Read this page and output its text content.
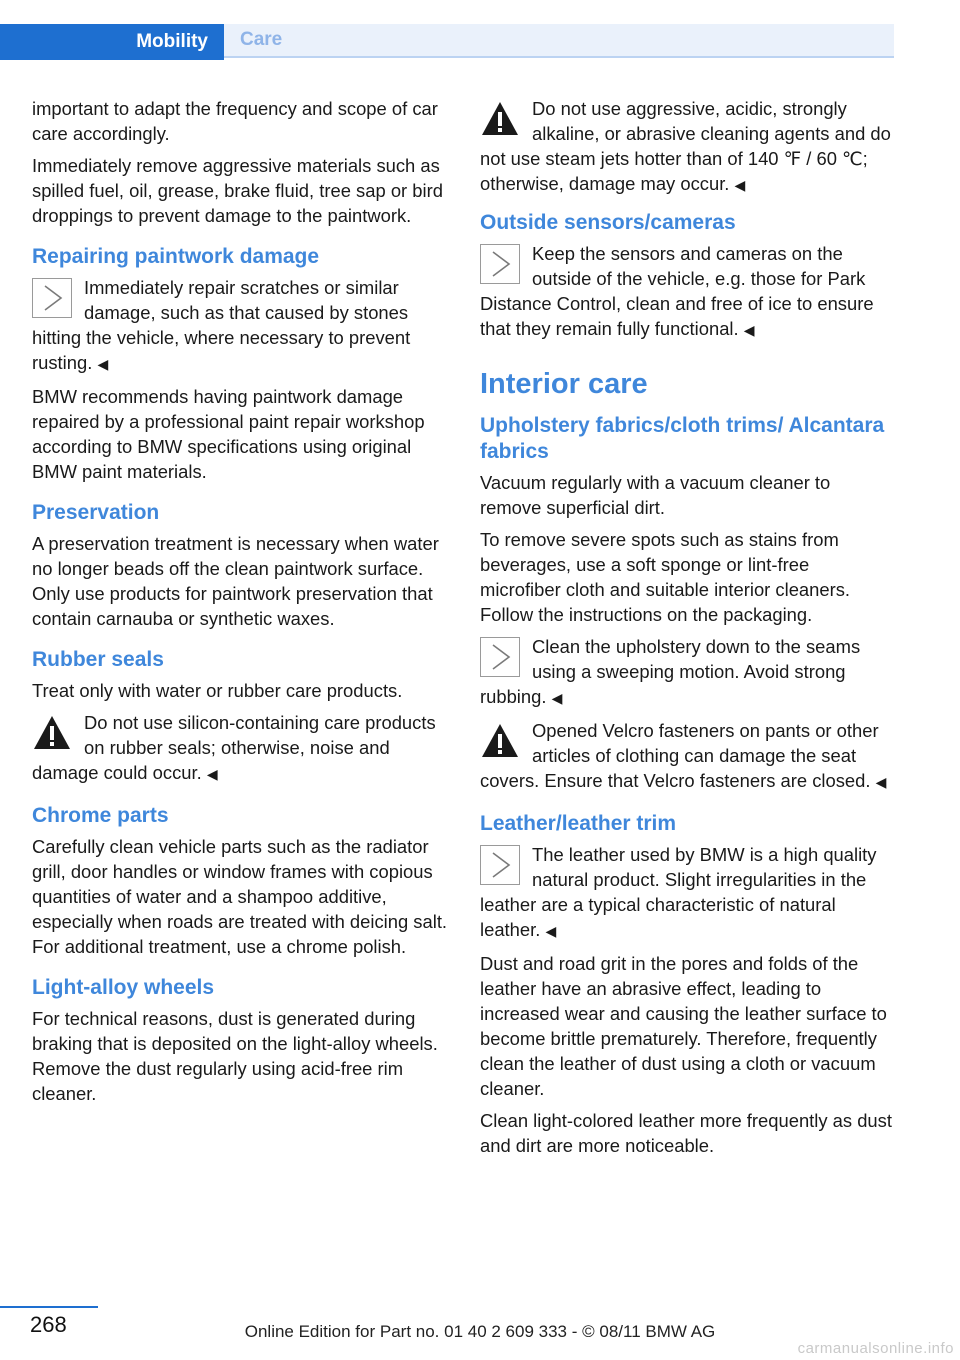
Mobility	Care

important to adapt the frequency and scope of car care accordingly.

Immediately remove aggressive materials such as spilled fuel, oil, grease, brake fluid, tree sap or bird droppings to prevent damage to the paintwork.

Repairing paintwork damage
Immediately repair scratches or similar damage, such as that caused by stones hitting the vehicle, where necessary to prevent rusting. ◀

BMW recommends having paintwork damage repaired by a professional paint repair workshop according to BMW specifications using original BMW paint materials.

Preservation

A preservation treatment is necessary when water no longer beads off the clean paintwork surface. Only use products for paintwork preservation that contain carnauba or synthetic waxes.

Rubber seals

Treat only with water or rubber care products.

Do not use silicon-containing care products on rubber seals; otherwise, noise and damage could occur. ◀
Chrome parts

Carefully clean vehicle parts such as the radiator grill, door handles or window frames with copious quantities of water and a shampoo additive, especially when roads are treated with deicing salt. For additional treatment, use a chrome polish.

Light-alloy wheels

For technical reasons, dust is generated during braking that is deposited on the light-alloy wheels. Remove the dust regularly using acid-free rim cleaner.

Do not use aggressive, acidic, strongly alkaline, or abrasive cleaning agents and do not use steam jets hotter than of 140 ℉ / 60 ℃; otherwise, damage may occur. ◀
Outside sensors/cameras
Keep the sensors and cameras on the outside of the vehicle, e.g. those for Park Distance Control, clean and free of ice to ensure that they remain fully functional. ◀
Interior care
Upholstery fabrics/cloth trims/ Alcantara fabrics

Vacuum regularly with a vacuum cleaner to remove superficial dirt.

To remove severe spots such as stains from beverages, use a soft sponge or lint-free microfiber cloth and suitable interior cleaners. Follow the instructions on the packaging.

Clean the upholstery down to the seams using a sweeping motion. Avoid strong rubbing. ◀
Opened Velcro fasteners on pants or other articles of clothing can damage the seat covers. Ensure that Velcro fasteners are closed. ◀
Leather/leather trim
The leather used by BMW is a high quality natural product. Slight irregularities in the leather are a typical characteristic of natural leather. ◀

Dust and road grit in the pores and folds of the leather have an abrasive effect, leading to increased wear and causing the leather surface to become brittle prematurely. Therefore, frequently clean the leather of dust using a cloth or vacuum cleaner.

Clean light-colored leather more frequently as dust and dirt are more noticeable.

268	Online Edition for Part no. 01 40 2 609 333 - © 08/11 BMW AG
carmanualsonline.info
